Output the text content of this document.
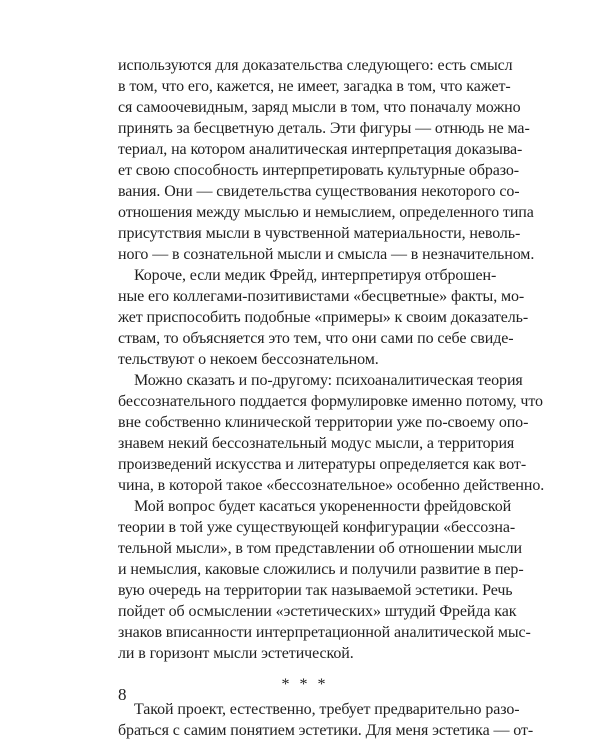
используются для доказательства следующего: есть смысл
в том, что его, кажется, не имеет, загадка в том, что кажет-
ся самоочевидным, заряд мысли в том, что поначалу можно
принять за бесцветную деталь. Эти фигуры — отнюдь не ма-
териал, на котором аналитическая интерпретация доказыва-
ет свою способность интерпретировать культурные образо-
вания. Они — свидетельства существования некоторого со-
отношения между мыслью и немыслием, определенного типа
присутствия мысли в чувственной материальности, неволь-
ного — в сознательной мысли и смысла — в незначительном.
Короче, если медик Фрейд, интерпретируя отброшен-
ные его коллегами-позитивистами «бесцветные» факты, мо-
жет приспособить подобные «примеры» к своим доказатель-
ствам, то объясняется это тем, что они сами по себе свиде-
тельствуют о некоем бессознательном.
Можно сказать и по-другому: психоаналитическая теория
бессознательного поддается формулировке именно потому, что
вне собственно клинической территории уже по-своему опо-
знавем некий бессознательный модус мысли, а территория
произведений искусства и литературы определяется как вот-
чина, в которой такое «бессознательное» особенно действенно.
Мой вопрос будет касаться укорененности фрейдовской
теории в той уже существующей конфигурации «бессозна-
тельной мысли», в том представлении об отношении мысли
и немыслия, каковые сложились и получили развитие в пер-
вую очередь на территории так называемой эстетики. Речь
пойдет об осмыслении «эстетических» штудий Фрейда как
знаков вписанности интерпретационной аналитической мыс-
ли в горизонт мысли эстетической.
* * *
Такой проект, естественно, требует предварительно разо-
браться с самим понятием эстетики. Для меня эстетика — от-
8
